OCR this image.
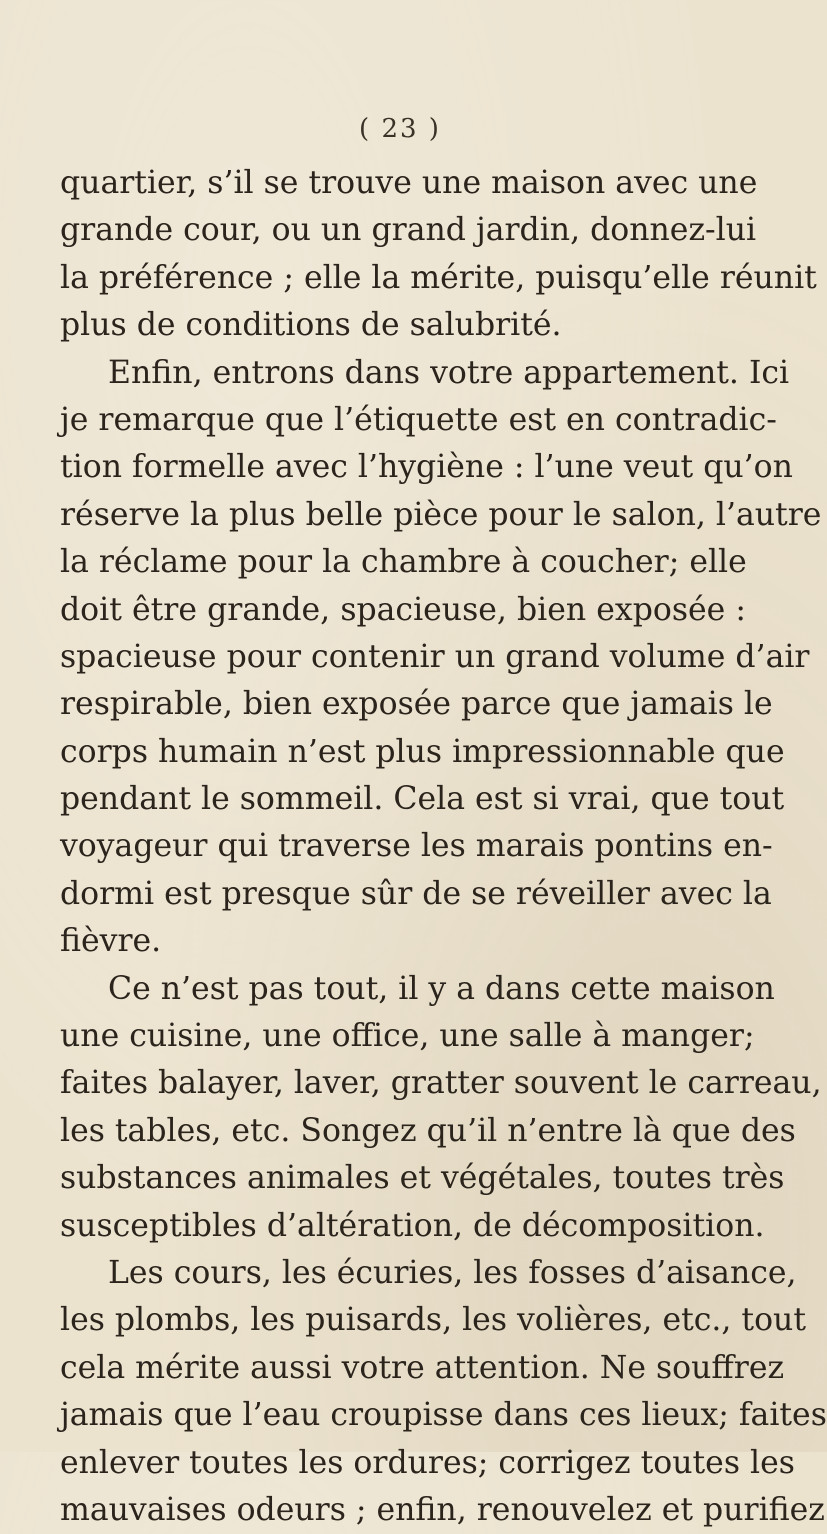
( 23 )
quartier, s’il se trouve une maison avec une
grande cour, ou un grand jardin, donnez-lui
la préférence ; elle la mérite, puisqu’elle réunit
plus de conditions de salubrité.
Enfin, entrons dans votre appartement. Ici
je remarque que l’étiquette est en contradic-
tion formelle avec l’hygiène : l’une veut qu’on
réserve la plus belle pièce pour le salon, l’autre
la réclame pour la chambre à coucher; elle
doit être grande, spacieuse, bien exposée :
spacieuse pour contenir un grand volume d’air
respirable, bien exposée parce que jamais le
corps humain n’est plus impressionnable que
pendant le sommeil. Cela est si vrai, que tout
voyageur qui traverse les marais pontins en-
dormi est presque sûr de se réveiller avec la
fièvre.
Ce n’est pas tout, il y a dans cette maison
une cuisine, une office, une salle à manger;
faites balayer, laver, gratter souvent le carreau,
les tables, etc. Songez qu’il n’entre là que des
substances animales et végétales, toutes très
susceptibles d’altération, de décomposition.
Les cours, les écuries, les fosses d’aisance,
les plombs, les puisards, les volières, etc., tout
cela mérite aussi votre attention. Ne souffrez
jamais que l’eau croupisse dans ces lieux; faites
enlever toutes les ordures; corrigez toutes les
mauvaises odeurs ; enfin, renouvelez et purifiez
